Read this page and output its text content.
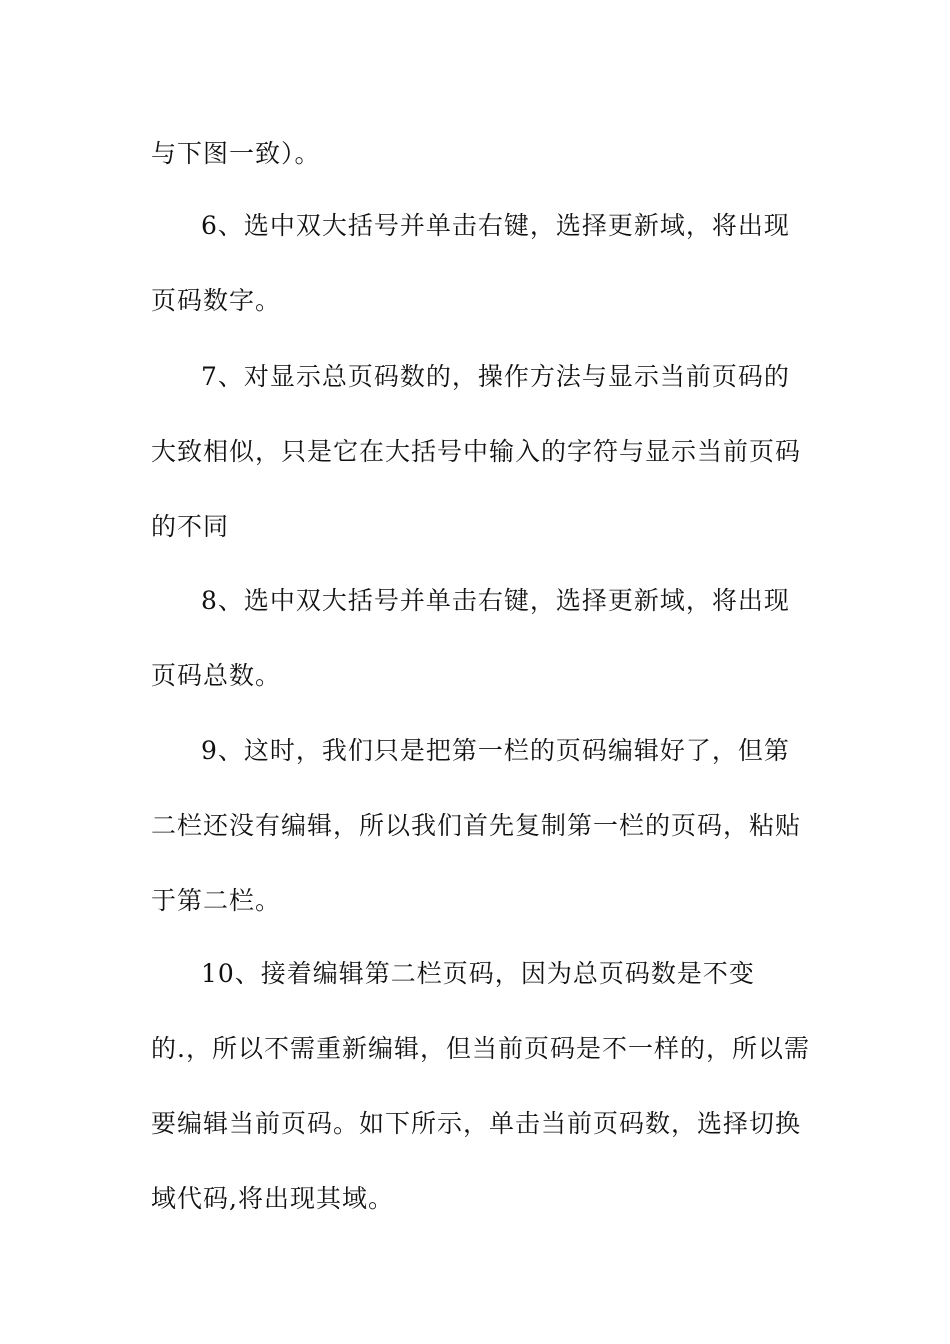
与下图一致）。

6、选中双大括号并单击右键，选择更新域，将出现页码数字。

7、对显示总页码数的，操作方法与显示当前页码的大致相似，只是它在大括号中输入的字符与显示当前页码的不同

8、选中双大括号并单击右键，选择更新域，将出现页码总数。

9、这时，我们只是把第一栏的页码编辑好了，但第二栏还没有编辑，所以我们首先复制第一栏的页码，粘贴于第二栏。

10、接着编辑第二栏页码，因为总页码数是不变的.，所以不需重新编辑，但当前页码是不一样的，所以需要编辑当前页码。如下所示，单击当前页码数，选择切换域代码,将出现其域。
